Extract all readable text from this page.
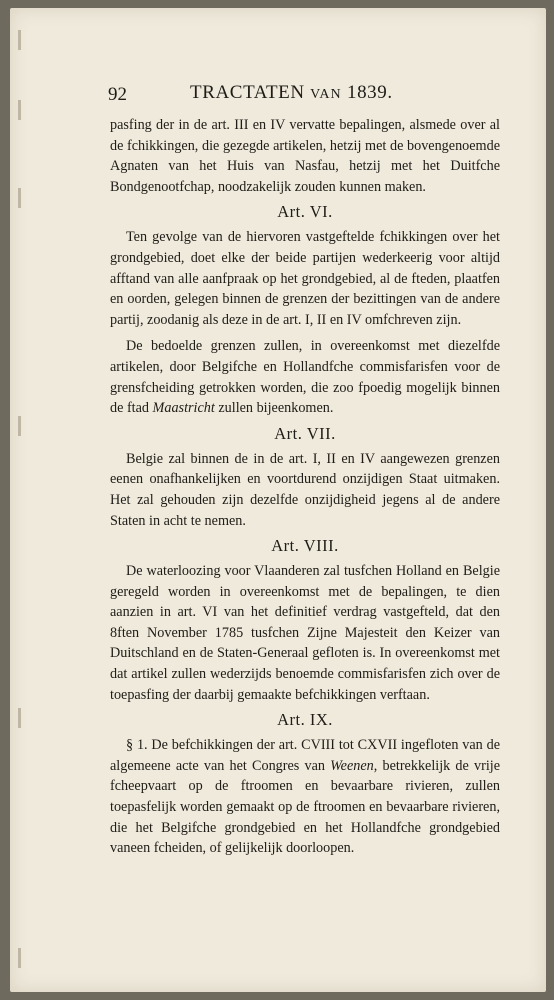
92	TRACTATEN VAN 1839.

pasfing der in de art. III en IV vervatte bepalingen, alsmede over al de fchikkingen, die gezegde artikelen, hetzij met de bovengenoemde Agnaten van het Huis van Nasfau, hetzij met het Duitfche Bondgenootfchap, noodzakelijk zouden kunnen maken.

Art. VI.

Ten gevolge van de hiervoren vastgeftelde fchikkingen over het grondgebied, doet elke der beide partijen wederkeerig voor altijd afftand van alle aanfpraak op het grondgebied, al de fteden, plaatfen en oorden, gelegen binnen de grenzen der bezittingen van de andere partij, zoodanig als deze in de art. I, II en IV omfchreven zijn.

De bedoelde grenzen zullen, in overeenkomst met diezelfde artikelen, door Belgifche en Hollandfche commisfarisfen voor de grensfcheiding getrokken worden, die zoo fpoedig mogelijk binnen de ftad Maastricht zullen bijeenkomen.

Art. VII.

Belgie zal binnen de in de art. I, II en IV aangewezen grenzen eenen onafhankelijken en voortdurend onzijdigen Staat uitmaken. Het zal gehouden zijn dezelfde onzijdigheid jegens al de andere Staten in acht te nemen.

Art. VIII.

De waterloozing voor Vlaanderen zal tusfchen Holland en Belgie geregeld worden in overeenkomst met de bepalingen, te dien aanzien in art. VI van het definitief verdrag vastgefteld, dat den 8ften November 1785 tusfchen Zijne Majesteit den Keizer van Duitschland en de Staten-Generaal gefloten is. In overeenkomst met dat artikel zullen wederzijds benoemde commisfarisfen zich over de toepasfing der daarbij gemaakte befchikkingen verftaan.

Art. IX.

§ 1. De befchikkingen der art. CVIII tot CXVII ingefloten van de algemeene acte van het Congres van Weenen, betrekkelijk de vrije fcheepvaart op de ftroomen en bevaarbare rivieren, zullen toepasfelijk worden gemaakt op de ftroomen en bevaarbare rivieren, die het Belgifche grondgebied en het Hollandfche grondgebied vaneen fcheiden, of gelijkelijk doorloopen.
